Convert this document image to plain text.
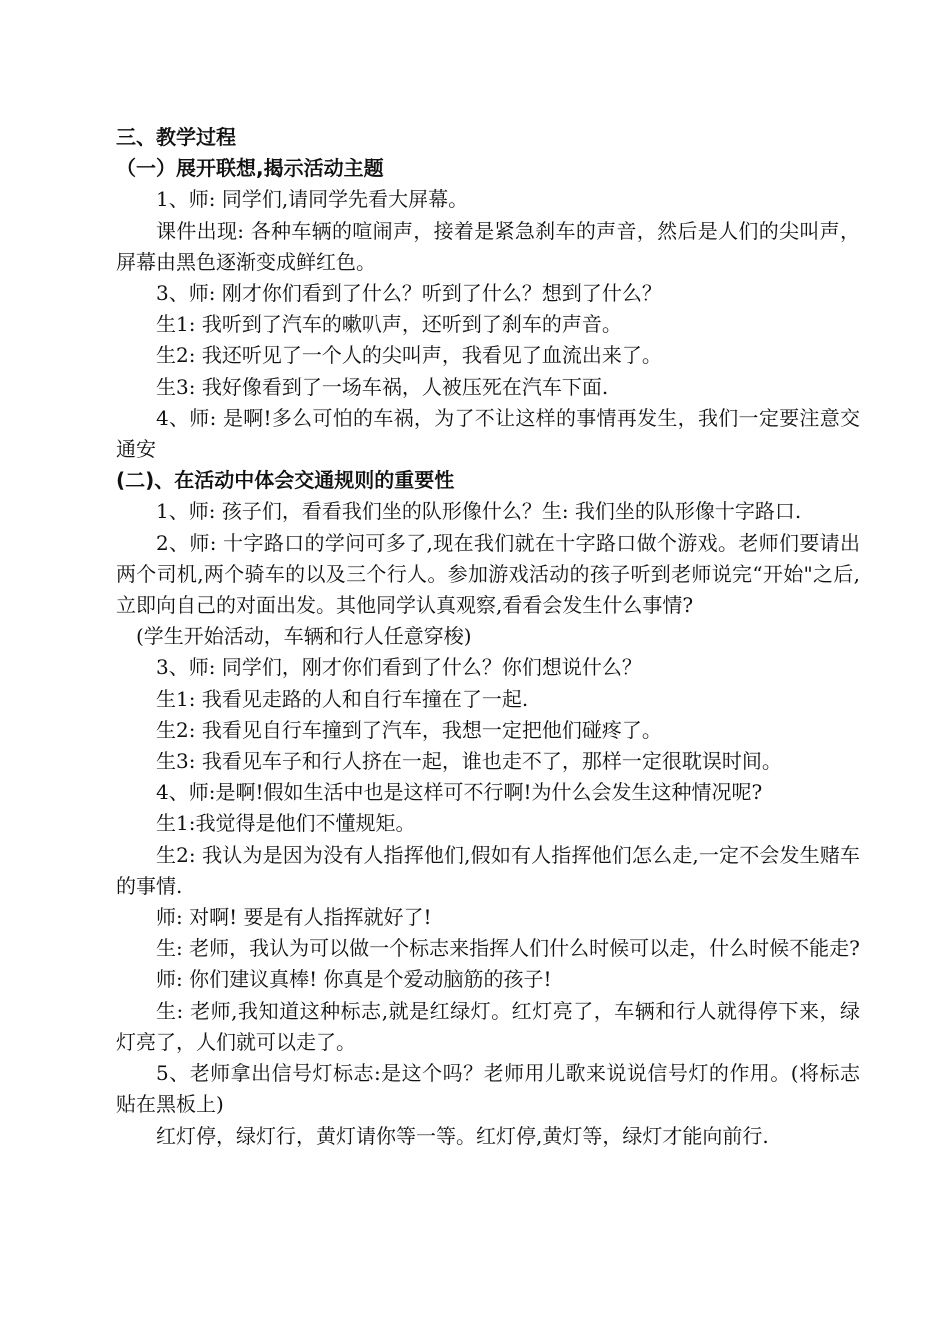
三、教学过程

（一）展开联想,揭示活动主题

1、师: 同学们,请同学先看大屏幕。

课件出现: 各种车辆的喧闹声，接着是紧急刹车的声音，然后是人们的尖叫声，屏幕由黑色逐渐变成鲜红色。

3、师: 刚才你们看到了什么？听到了什么？想到了什么？

生1: 我听到了汽车的嗽叭声，还听到了刹车的声音。

生2: 我还听见了一个人的尖叫声，我看见了血流出来了。

生3: 我好像看到了一场车祸，人被压死在汽车下面.

4、师: 是啊!多么可怕的车祸，为了不让这样的事情再发生，我们一定要注意交通安

(二)、在活动中体会交通规则的重要性

1、师: 孩子们，看看我们坐的队形像什么？生: 我们坐的队形像十字路口.

2、师: 十字路口的学问可多了,现在我们就在十字路口做个游戏。老师们要请出两个司机,两个骑车的以及三个行人。参加游戏活动的孩子听到老师说完“开始"之后,立即向自己的对面出发。其他同学认真观察,看看会发生什么事情?

(学生开始活动，车辆和行人任意穿梭)

3、师: 同学们，刚才你们看到了什么？你们想说什么？

生1: 我看见走路的人和自行车撞在了一起.

生2: 我看见自行车撞到了汽车，我想一定把他们碰疼了。

生3: 我看见车子和行人挤在一起，谁也走不了，那样一定很耽误时间。

4、师:是啊!假如生活中也是这样可不行啊!为什么会发生这种情况呢?

生1:我觉得是他们不懂规矩。

生2: 我认为是因为没有人指挥他们,假如有人指挥他们怎么走,一定不会发生赌车的事情.

师: 对啊! 要是有人指挥就好了!

生: 老师，我认为可以做一个标志来指挥人们什么时候可以走，什么时候不能走?

师: 你们建议真棒! 你真是个爱动脑筋的孩子!

生: 老师,我知道这种标志,就是红绿灯。红灯亮了，车辆和行人就得停下来，绿灯亮了，人们就可以走了。

5、老师拿出信号灯标志:是这个吗？老师用儿歌来说说信号灯的作用。(将标志贴在黑板上)

红灯停，绿灯行，黄灯请你等一等。红灯停,黄灯等，绿灯才能向前行.
